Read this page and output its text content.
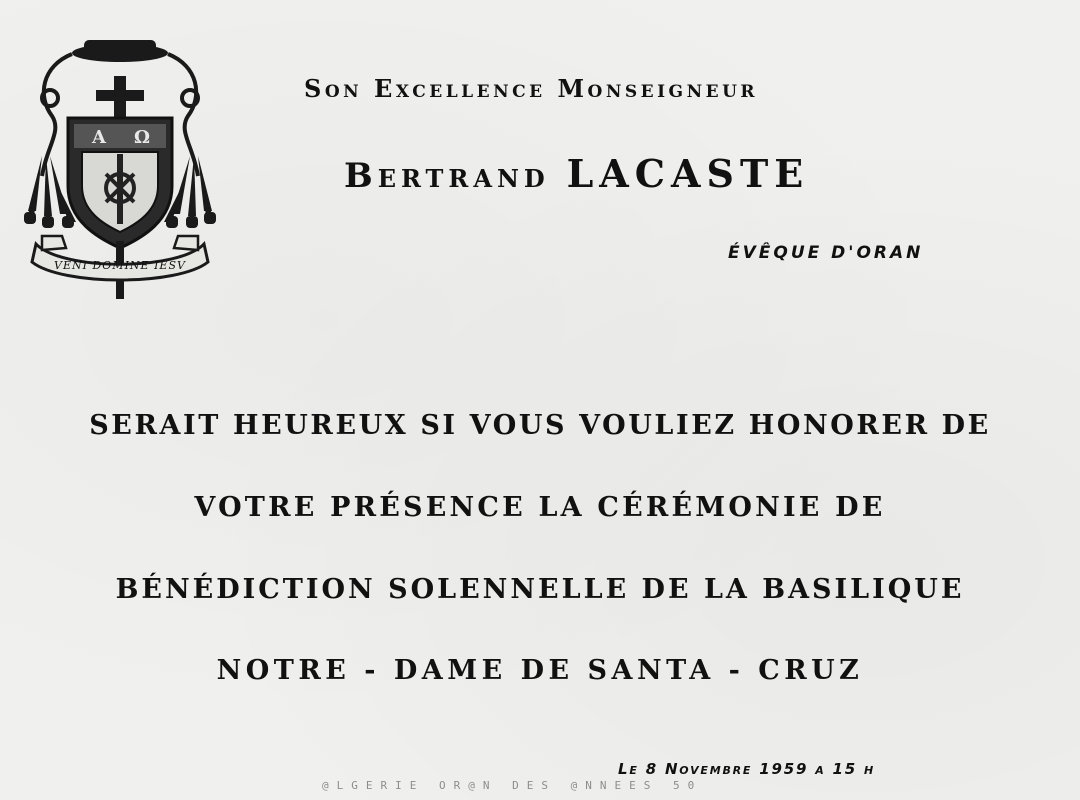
A Ω
VENI DOMINE IESV

Son Excellence Monseigneur

Bertrand LACASTE

ÉVÊQUE D'ORAN

SERAIT HEUREUX SI VOUS VOULIEZ HONORER DE

VOTRE PRÉSENCE LA CÉRÉMONIE DE

BÉNÉDICTION SOLENNELLE DE LA BASILIQUE

NOTRE - DAME DE SANTA - CRUZ

Le 8 Novembre 1959 a 15 h

@LGERIE OR@N DES @NNEES 50
